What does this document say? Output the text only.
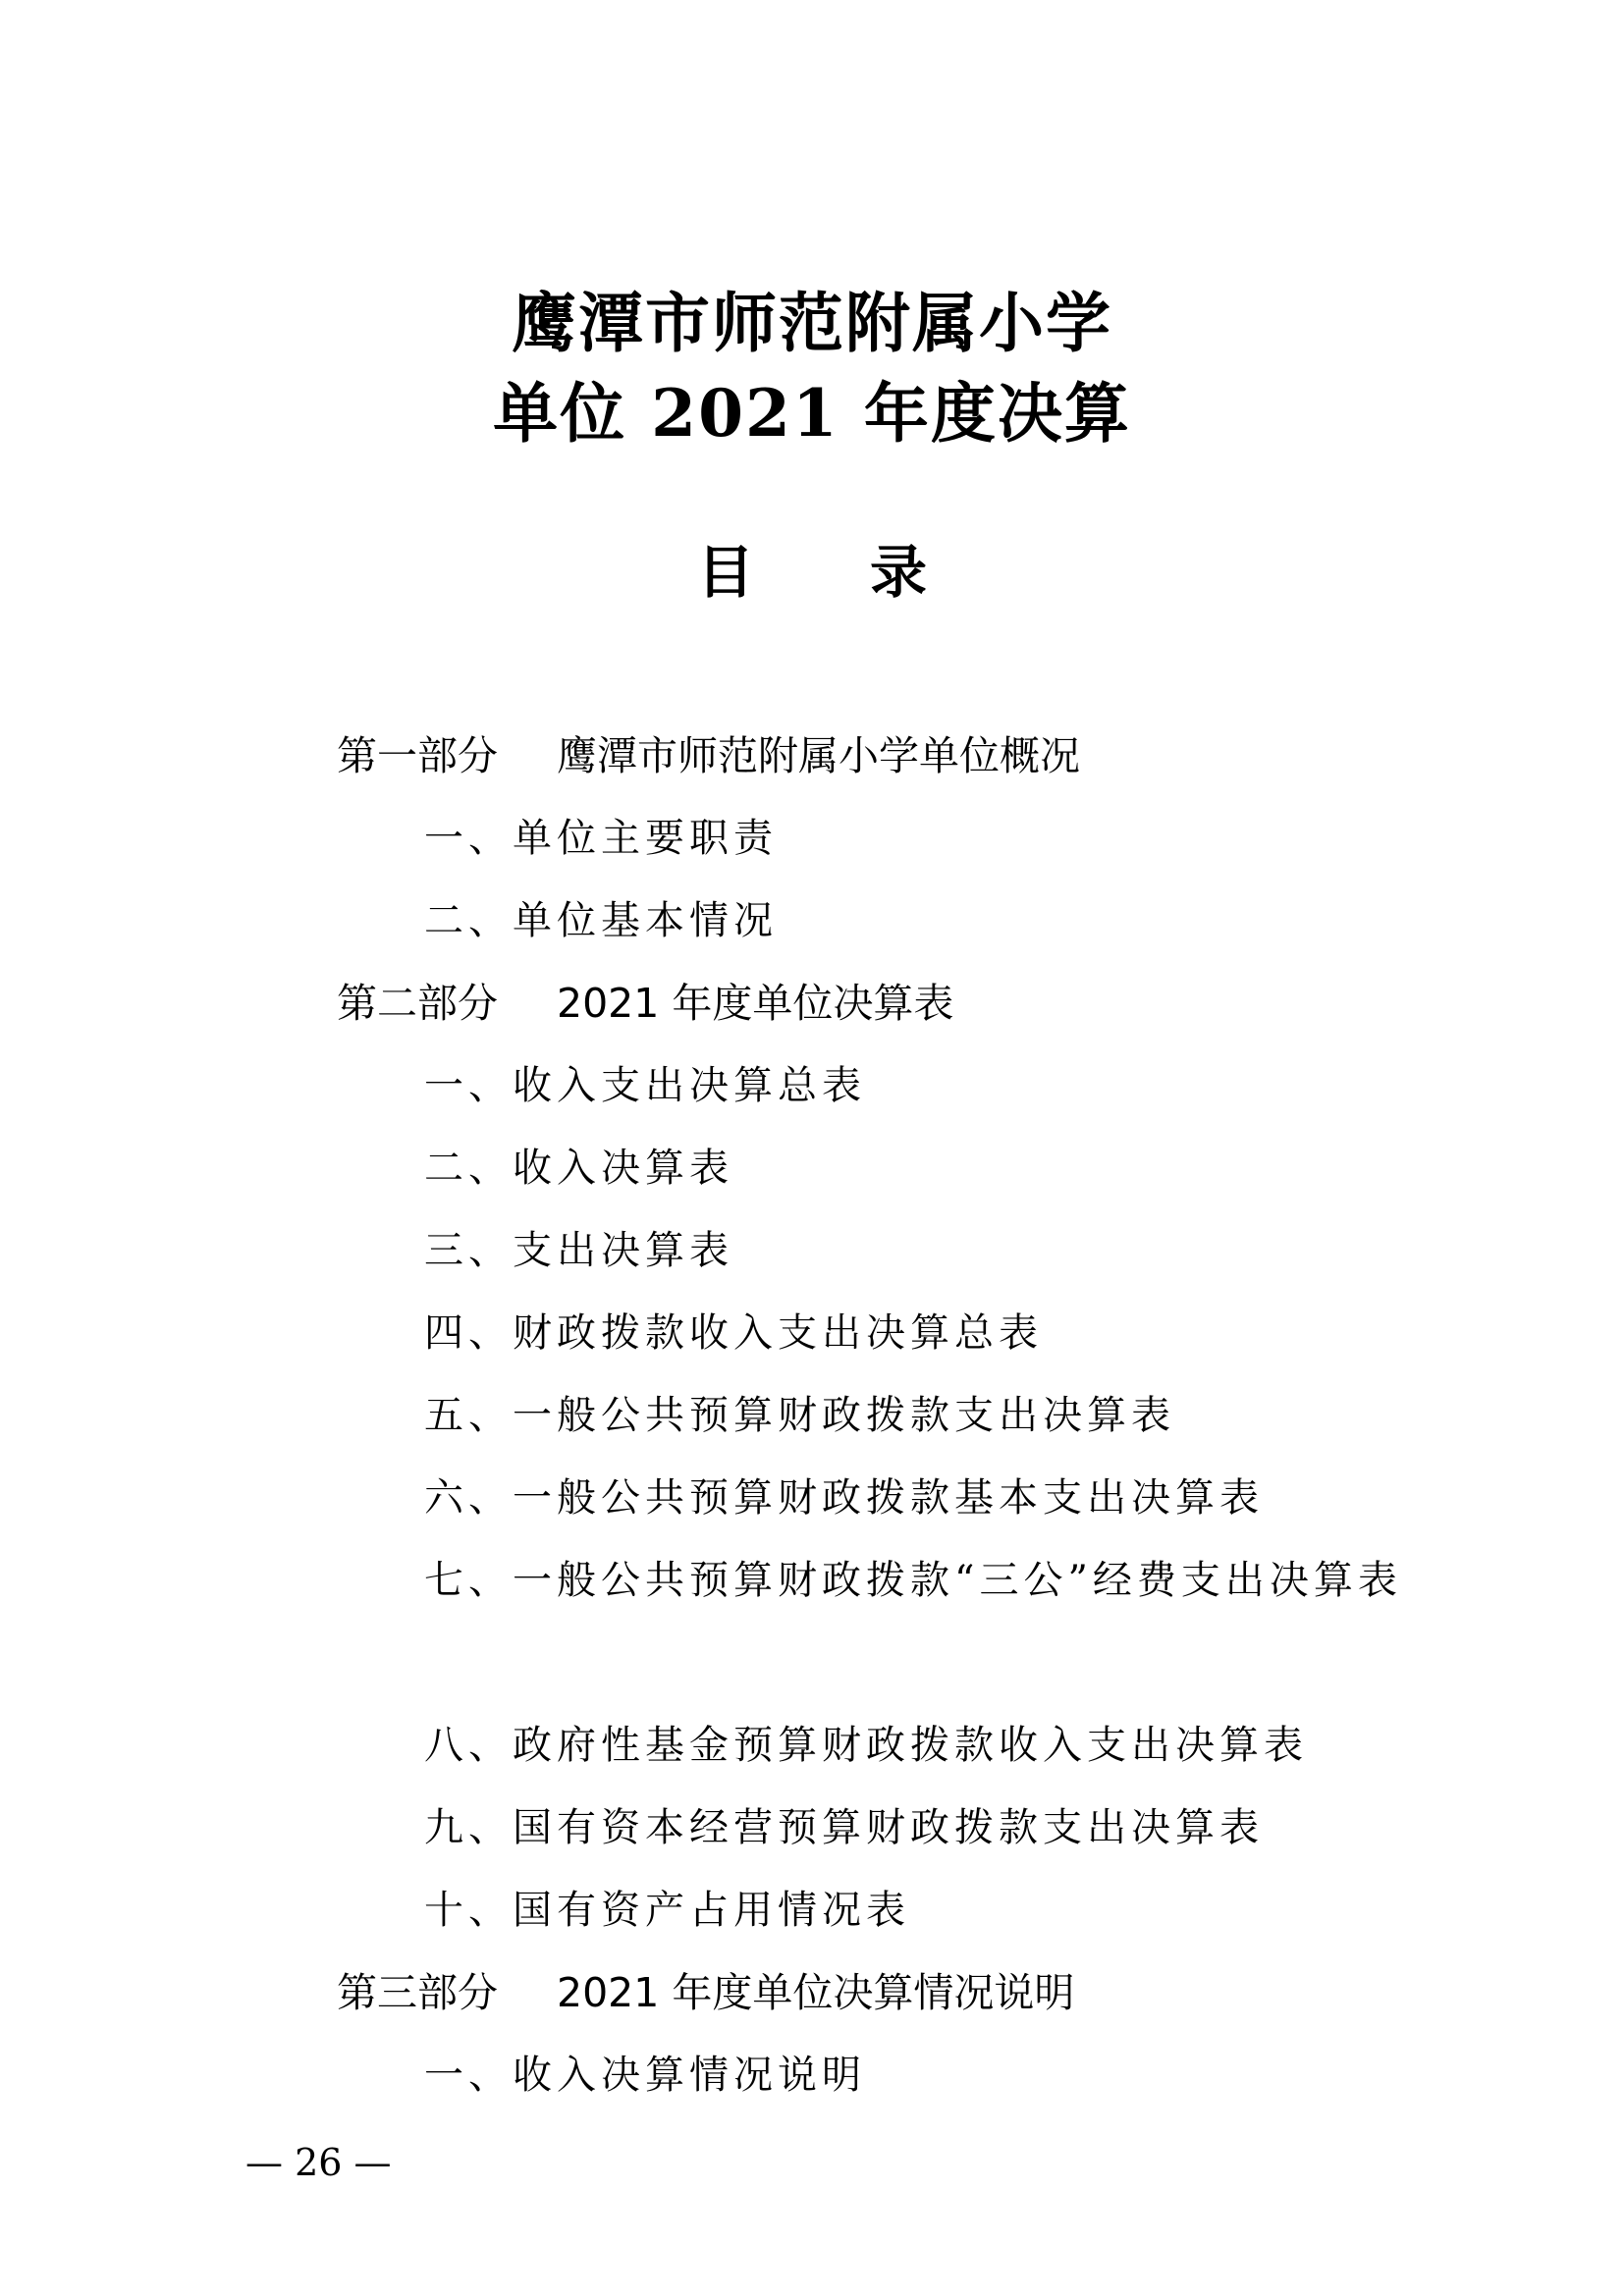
鹰潭市师范附属小学
单位 2021 年度决算
目录
第一部分 鹰潭市师范附属小学单位概况
一、单位主要职责
二、单位基本情况
第二部分 2021 年度单位决算表
一、收入支出决算总表
二、收入决算表
三、支出决算表
四、财政拨款收入支出决算总表
五、一般公共预算财政拨款支出决算表
六、一般公共预算财政拨款基本支出决算表
七、一般公共预算财政拨款“三公”经费支出决算表
八、政府性基金预算财政拨款收入支出决算表
九、国有资本经营预算财政拨款支出决算表
十、国有资产占用情况表
第三部分 2021 年度单位决算情况说明
一、收入决算情况说明
— 26 —
